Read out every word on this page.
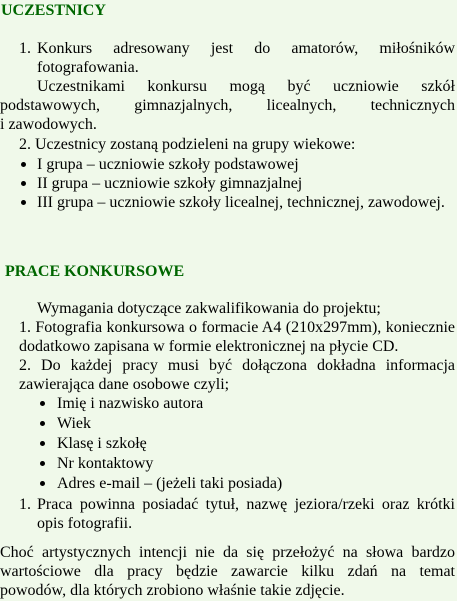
UCZESTNICY
1. Konkurs adresowany jest do amatorów, miłośników
fotografowania.
Uczestnikami konkursu mogą być uczniowie szkół
podstawowych, gimnazjalnych, licealnych, technicznych
i zawodowych.
2. Uczestnicy zostaną podzieleni na grupy wiekowe:
I grupa – uczniowie szkoły podstawowej
II grupa – uczniowie szkoły gimnazjalnej
III grupa – uczniowie szkoły licealnej, technicznej, zawodowej.
PRACE KONKURSOWE
Wymagania dotyczące zakwalifikowania do projektu;
1. Fotografia konkursowa o formacie A4 (210x297mm), koniecznie
dodatkowo zapisana w formie elektronicznej na płycie CD.
2. Do każdej pracy musi być dołączona dokładna informacja
zawierająca dane osobowe czyli;
Imię i nazwisko autora
Wiek
Klasę i szkołę
Nr kontaktowy
Adres e-mail – (jeżeli taki posiada)
1. Praca powinna posiadać tytuł, nazwę jeziora/rzeki oraz krótki
opis fotografii.
Choć artystycznych intencji nie da się przełożyć na słowa bardzo
wartościowe dla pracy będzie zawarcie kilku zdań na temat
powodów, dla których zrobiono właśnie takie zdjęcie.
